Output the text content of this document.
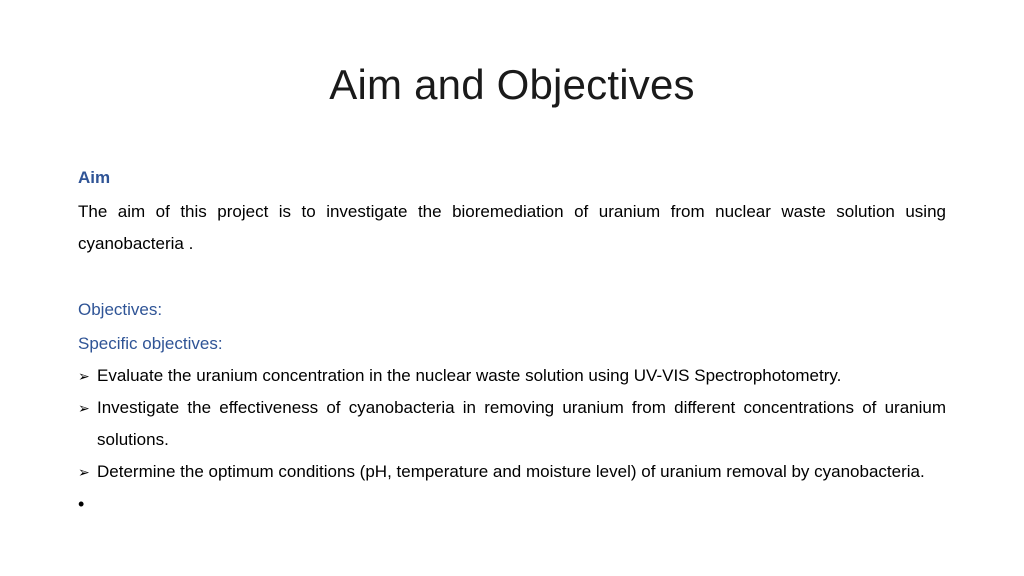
Aim and Objectives
Aim
The aim of this project is to investigate the bioremediation of uranium from nuclear waste solution using cyanobacteria .
Objectives:
Specific objectives:
➢ Evaluate the uranium concentration in the nuclear waste solution using UV-VIS Spectrophotometry.
➢ Investigate the effectiveness of cyanobacteria in removing uranium from different concentrations of uranium solutions.
➢ Determine the optimum conditions (pH, temperature and moisture level) of uranium removal by cyanobacteria.
•
